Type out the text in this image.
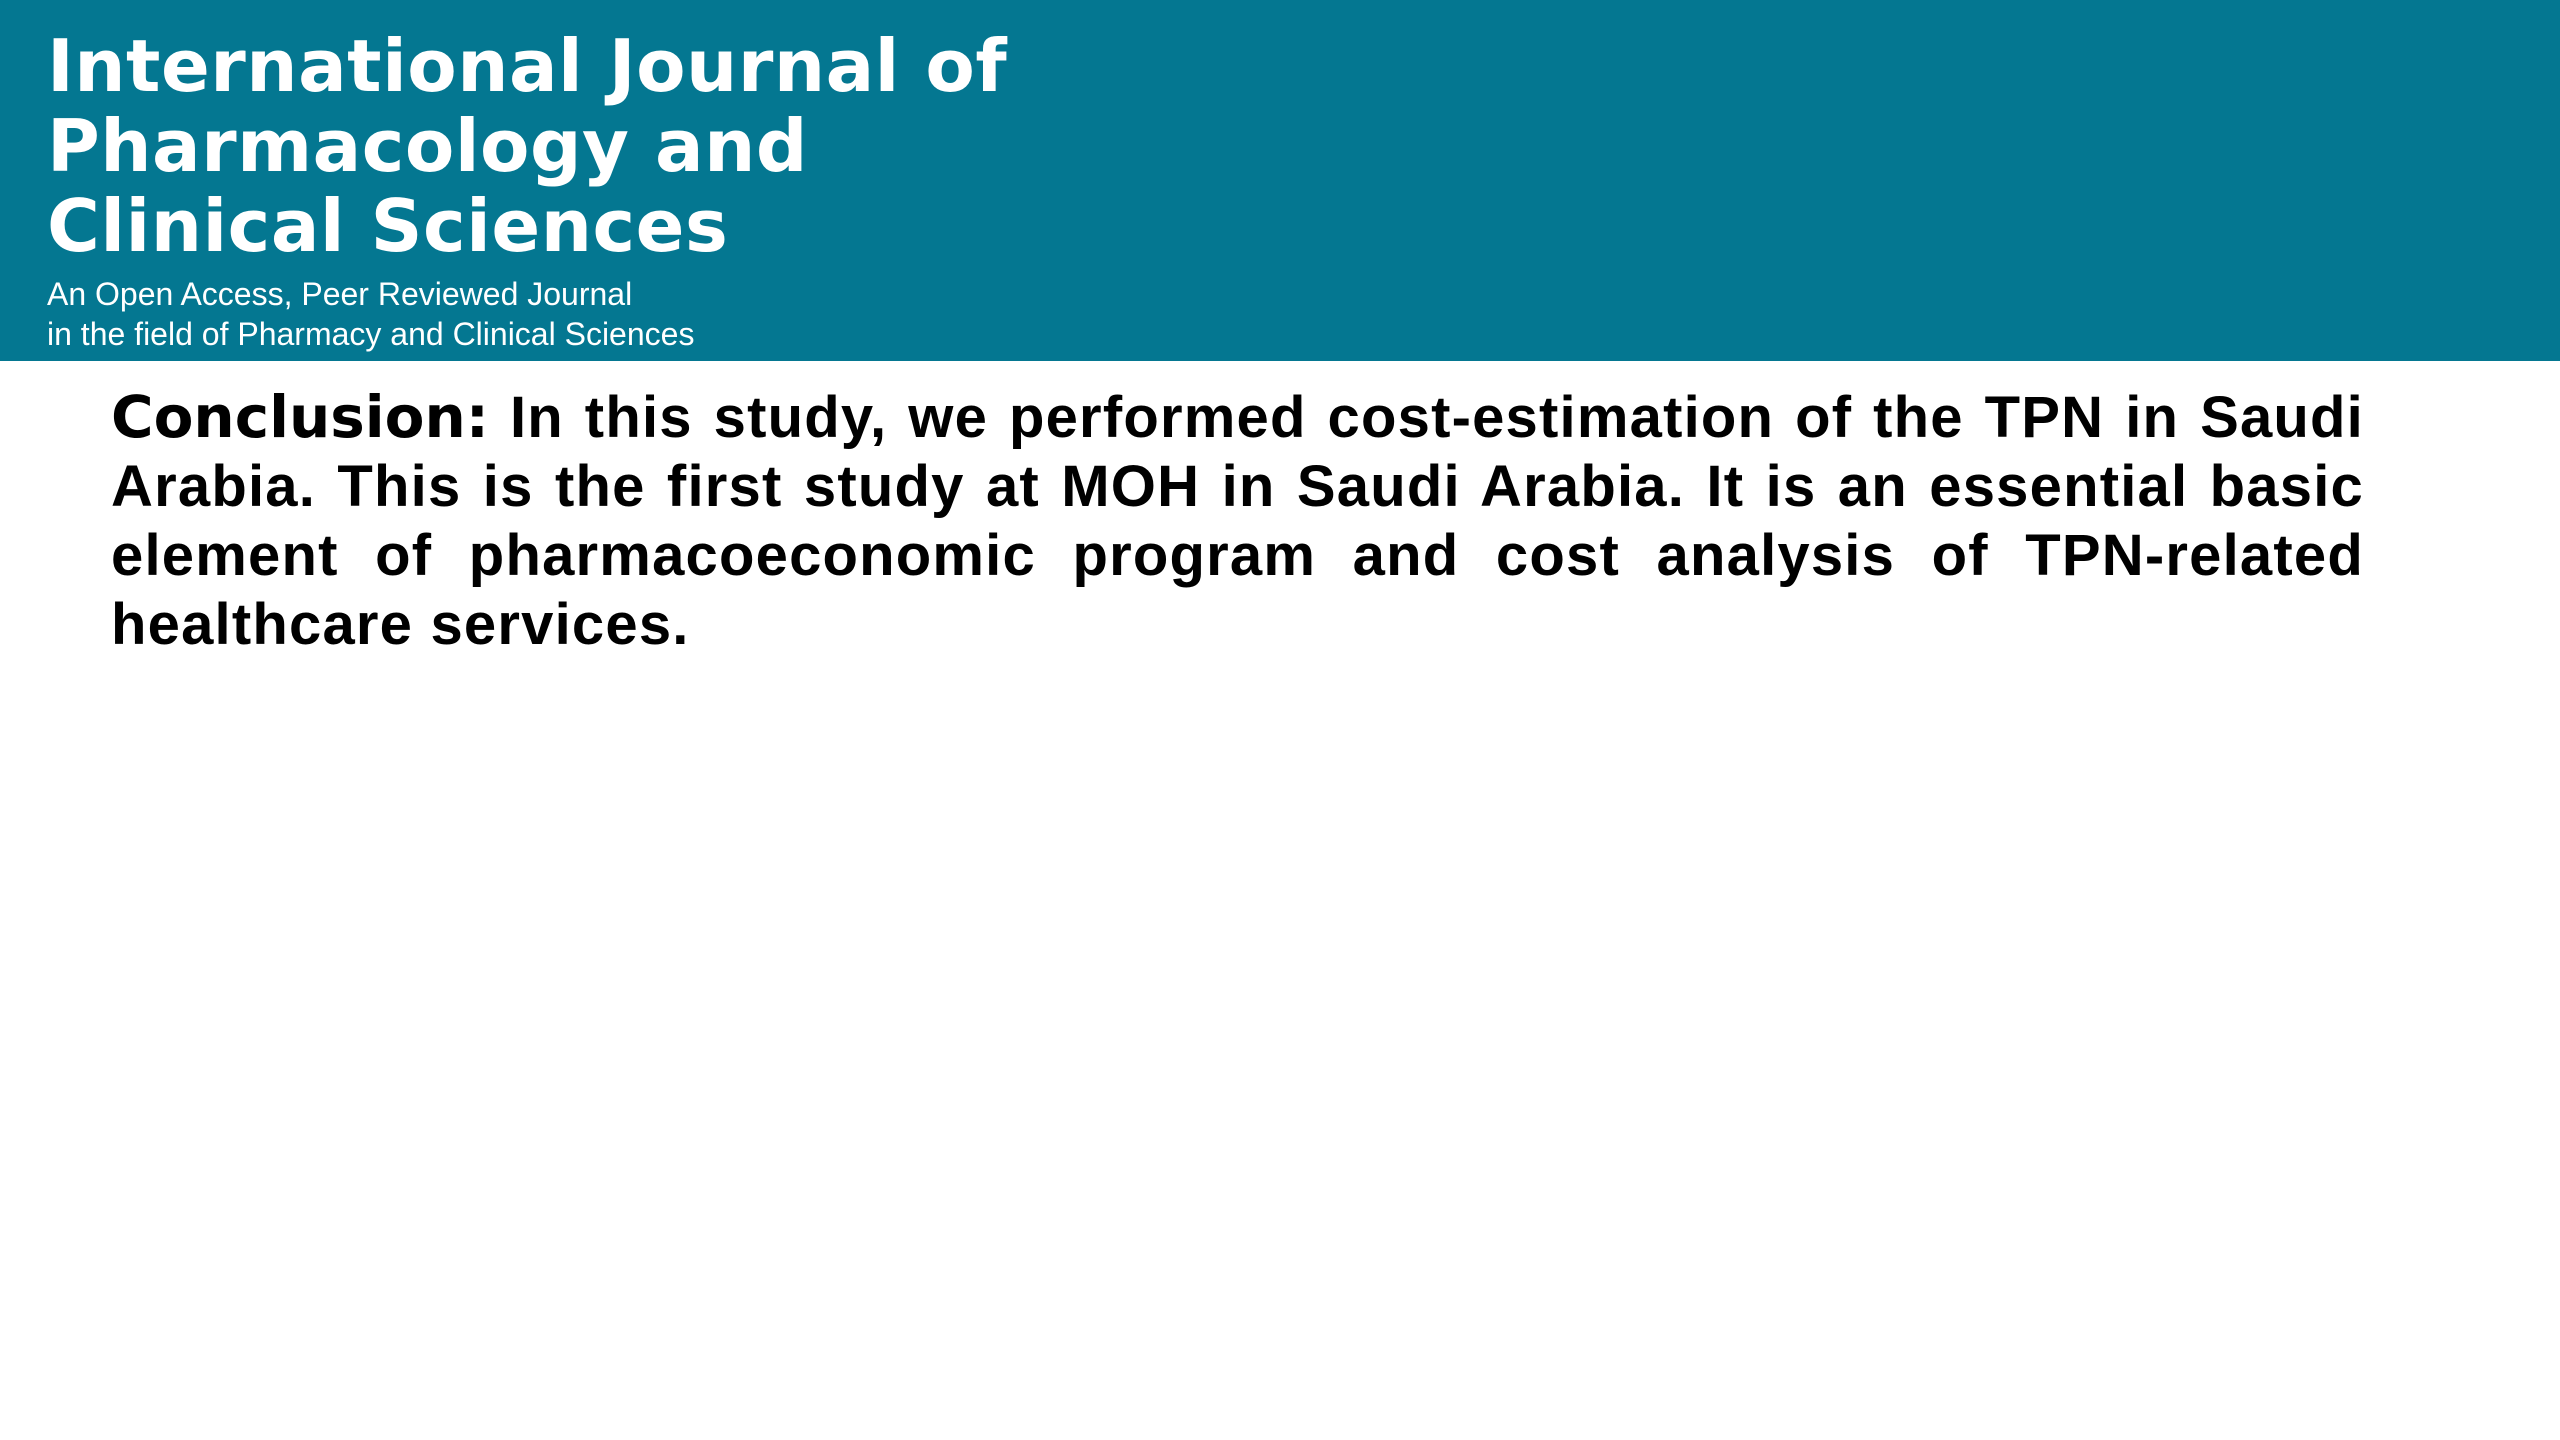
International Journal of
Pharmacology and
Clinical Sciences

An Open Access, Peer Reviewed Journal
in the field of Pharmacy and Clinical Sciences

Conclusion: In this study, we performed cost-estimation of the TPN in Saudi Arabia. This is the first study at MOH in Saudi Arabia. It is an essential basic element of pharmacoeconomic program and cost analysis of TPN-related healthcare services.
